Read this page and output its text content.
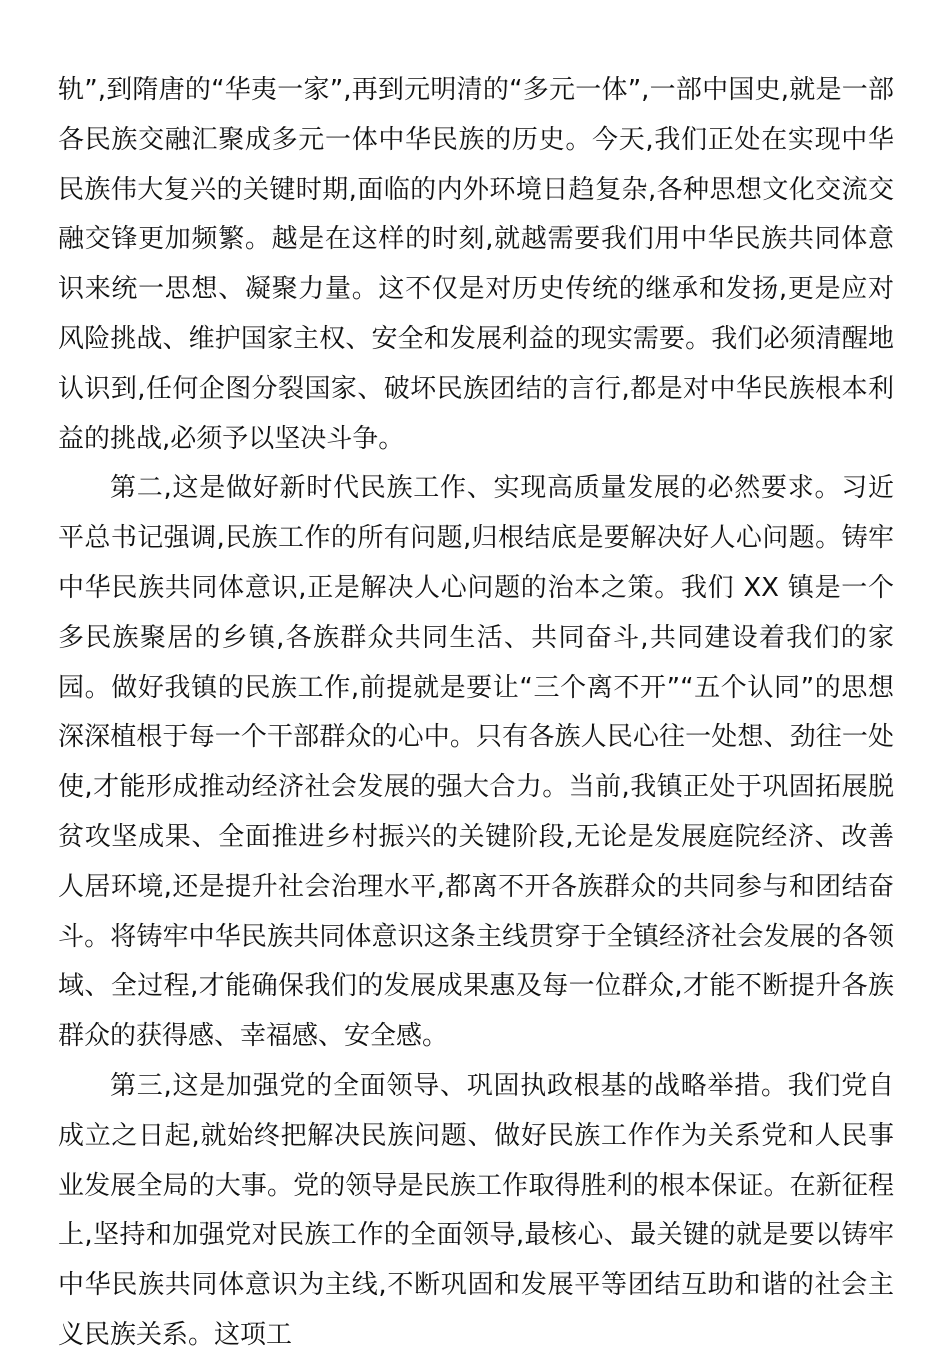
轨”,到隋唐的“华夷一家”,再到元明清的“多元一体”,一部中国史,就是一部各民族交融汇聚成多元一体中华民族的历史。今天,我们正处在实现中华民族伟大复兴的关键时期,面临的内外环境日趋复杂,各种思想文化交流交融交锋更加频繁。越是在这样的时刻,就越需要我们用中华民族共同体意识来统一思想、凝聚力量。这不仅是对历史传统的继承和发扬,更是应对风险挑战、维护国家主权、安全和发展利益的现实需要。我们必须清醒地认识到,任何企图分裂国家、破坏民族团结的言行,都是对中华民族根本利益的挑战,必须予以坚决斗争。

第二,这是做好新时代民族工作、实现高质量发展的必然要求。习近平总书记强调,民族工作的所有问题,归根结底是要解决好人心问题。铸牢中华民族共同体意识,正是解决人心问题的治本之策。我们 XX 镇是一个多民族聚居的乡镇,各族群众共同生活、共同奋斗,共同建设着我们的家园。做好我镇的民族工作,前提就是要让“三个离不开”“五个认同”的思想深深植根于每一个干部群众的心中。只有各族人民心往一处想、劲往一处使,才能形成推动经济社会发展的强大合力。当前,我镇正处于巩固拓展脱贫攻坚成果、全面推进乡村振兴的关键阶段,无论是发展庭院经济、改善人居环境,还是提升社会治理水平,都离不开各族群众的共同参与和团结奋斗。将铸牢中华民族共同体意识这条主线贯穿于全镇经济社会发展的各领域、全过程,才能确保我们的发展成果惠及每一位群众,才能不断提升各族群众的获得感、幸福感、安全感。

第三,这是加强党的全面领导、巩固执政根基的战略举措。我们党自成立之日起,就始终把解决民族问题、做好民族工作作为关系党和人民事业发展全局的大事。党的领导是民族工作取得胜利的根本保证。在新征程上,坚持和加强党对民族工作的全面领导,最核心、最关键的就是要以铸牢中华民族共同体意识为主线,不断巩固和发展平等团结互助和谐的社会主义民族关系。这项工
